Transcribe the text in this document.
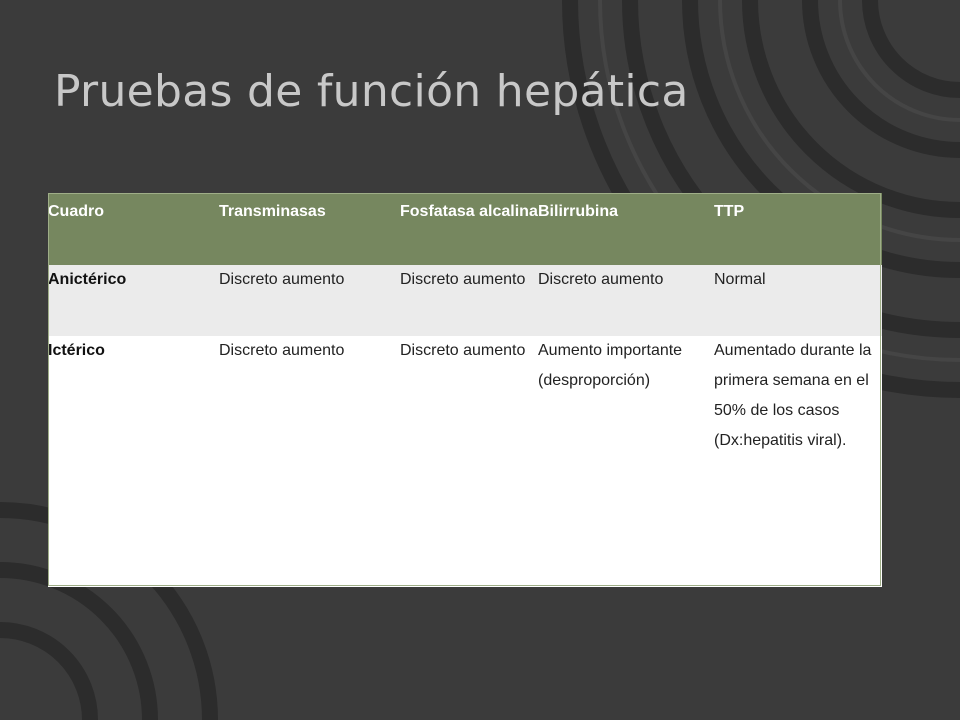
Pruebas de función hepática
Cuadro	Transminasas	Fosfatasa alcalina	Bilirrubina	TTP
Anictérico	Discreto aumento	Discreto aumento	Discreto aumento	Normal
Ictérico	Discreto aumento	Discreto aumento	Aumento importante (desproporción)	Aumentado durante la primera semana en el 50% de los casos (Dx:hepatitis viral).
